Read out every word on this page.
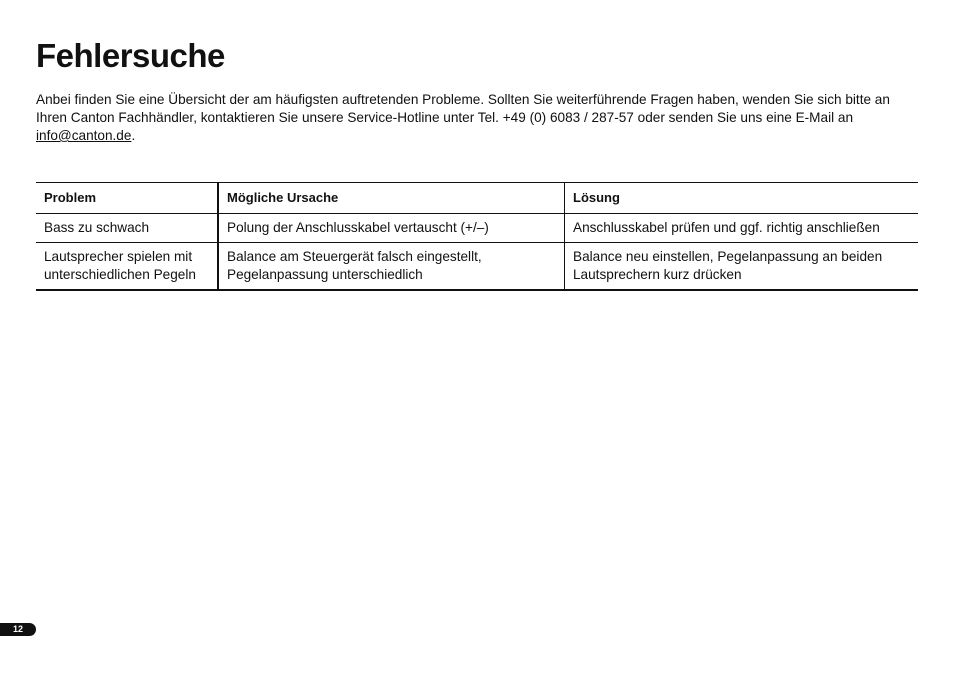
Fehlersuche

Anbei finden Sie eine Übersicht der am häufigsten auftretenden Probleme. Sollten Sie weiterführende Fragen haben, wenden Sie sich bitte an Ihren Canton Fachhändler, kontaktieren Sie unsere Service-Hotline unter Tel. +49 (0) 6083 / 287-57 oder senden Sie uns eine E-Mail an info@canton.de.

Problem	Mögliche Ursache	Lösung
Bass zu schwach	Polung der Anschlusskabel vertauscht (+/–)	Anschlusskabel prüfen und ggf. richtig anschließen
Lautsprecher spielen mit unterschiedlichen Pegeln	Balance am Steuergerät falsch eingestellt, Pegelanpassung unterschiedlich	Balance neu einstellen, Pegelanpassung an beiden Lautsprechern kurz drücken
12
